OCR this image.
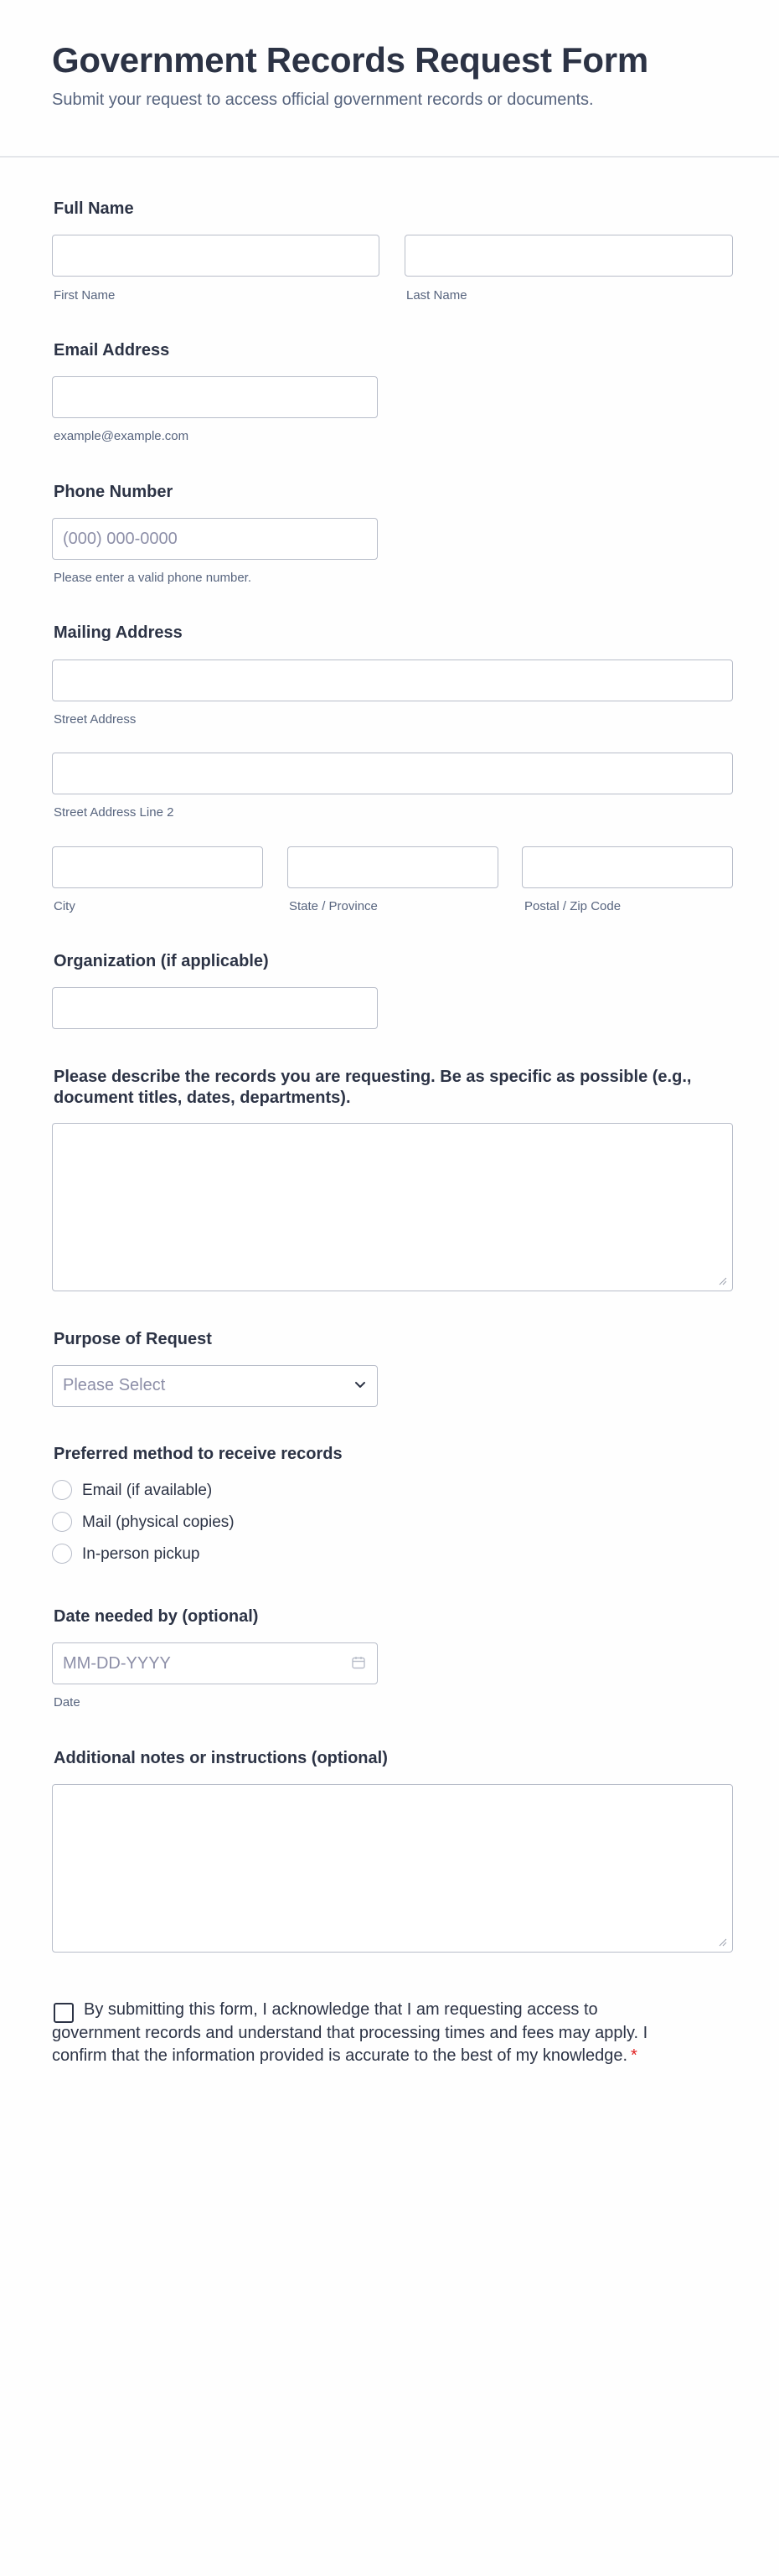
Government Records Request Form

Submit your request to access official government records or documents.

Full Name

First Name	Last Name

Email Address

example@example.com

Phone Number

(000) 000-0000

Please enter a valid phone number.

Mailing Address

Street Address

Street Address Line 2

City	State / Province	Postal / Zip Code

Organization (if applicable)

Please describe the records you are requesting. Be as specific as possible (e.g., document titles, dates, departments).

Purpose of Request

Please Select

Preferred method to receive records

Email (if available)
Mail (physical copies)
In-person pickup

Date needed by (optional)

MM-DD-YYYY

Date

Additional notes or instructions (optional)

By submitting this form, I acknowledge that I am requesting access to government records and understand that processing times and fees may apply. I confirm that the information provided is accurate to the best of my knowledge. *
